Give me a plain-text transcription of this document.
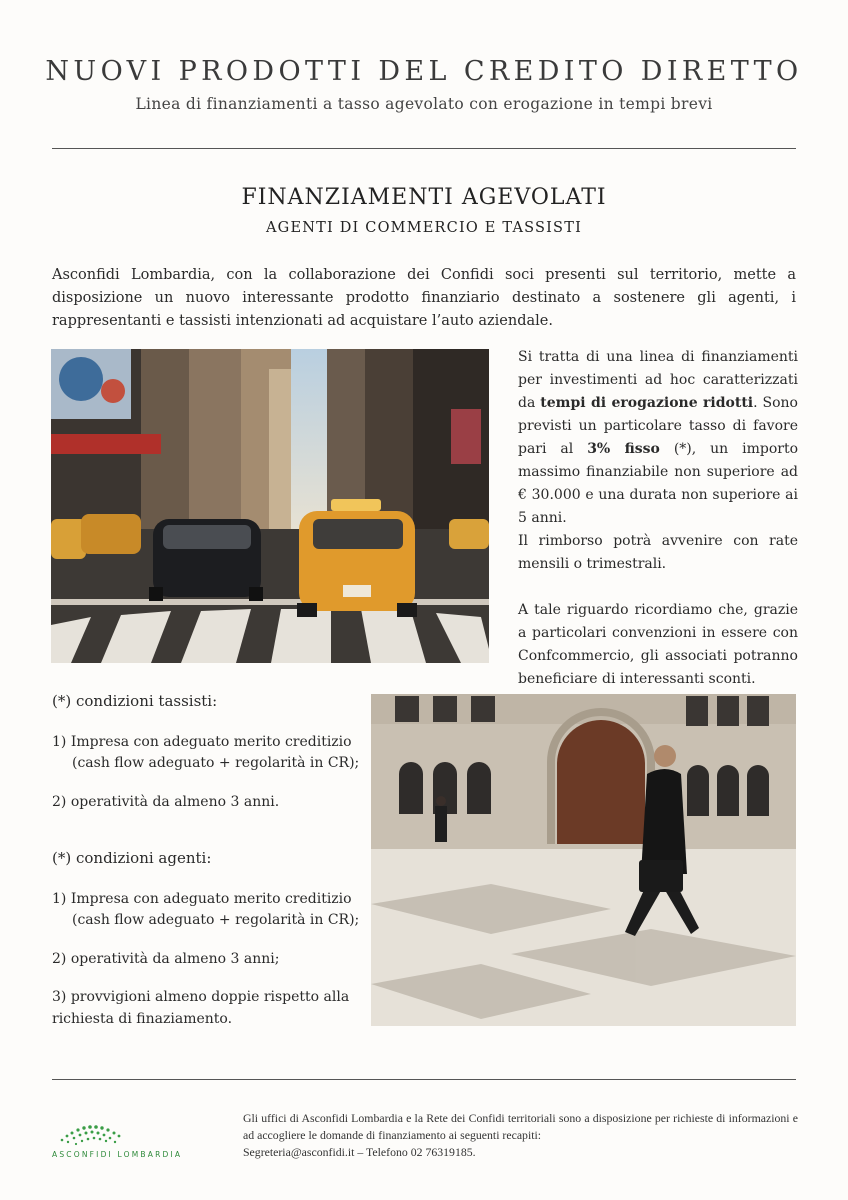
NUOVI PRODOTTI DEL CREDITO DIRETTO
Linea di finanziamenti a tasso agevolato con erogazione in tempi brevi
FINANZIAMENTI AGEVOLATI
AGENTI DI COMMERCIO E TASSISTI
Asconfidi Lombardia, con la collaborazione dei Confidi soci presenti sul territorio, mette a disposizione un nuovo interessante prodotto finanziario destinato a sostenere gli agenti, i rappresentanti e tassisti intenzionati ad acquistare l’auto aziendale.

Si tratta di una linea di finanziamenti per investimenti ad hoc caratterizzati da tempi di erogazione ridotti. Sono previsti un particolare tasso di favore pari al 3% fisso (*), un importo massimo finanziabile non superiore ad € 30.000 e una durata non superiore ai 5 anni.

Il rimborso potrà avvenire con rate mensili o trimestrali.

A tale riguardo ricordiamo che, grazie a particolari convenzioni in essere con Confcommercio, gli associati potranno beneficiare di interessanti sconti.

(*) condizioni tassisti:
1) Impresa con adeguato merito creditizio
(cash flow adeguato + regolarità in CR);
2) operatività da almeno 3 anni.
(*) condizioni agenti:
1) Impresa con adeguato merito creditizio
(cash flow adeguato + regolarità in CR);
2) operatività da almeno 3 anni;
3) provvigioni almeno doppie rispetto alla richiesta di finaziamento.
ASCONFIDI LOMBARDIA
Gli uffici di Asconfidi Lombardia e la Rete dei Confidi territoriali sono a disposizione per richieste di informazioni e ad accogliere le domande di finanziamento ai seguenti recapiti:
Segreteria@asconfidi.it – Telefono 02 76319185.
